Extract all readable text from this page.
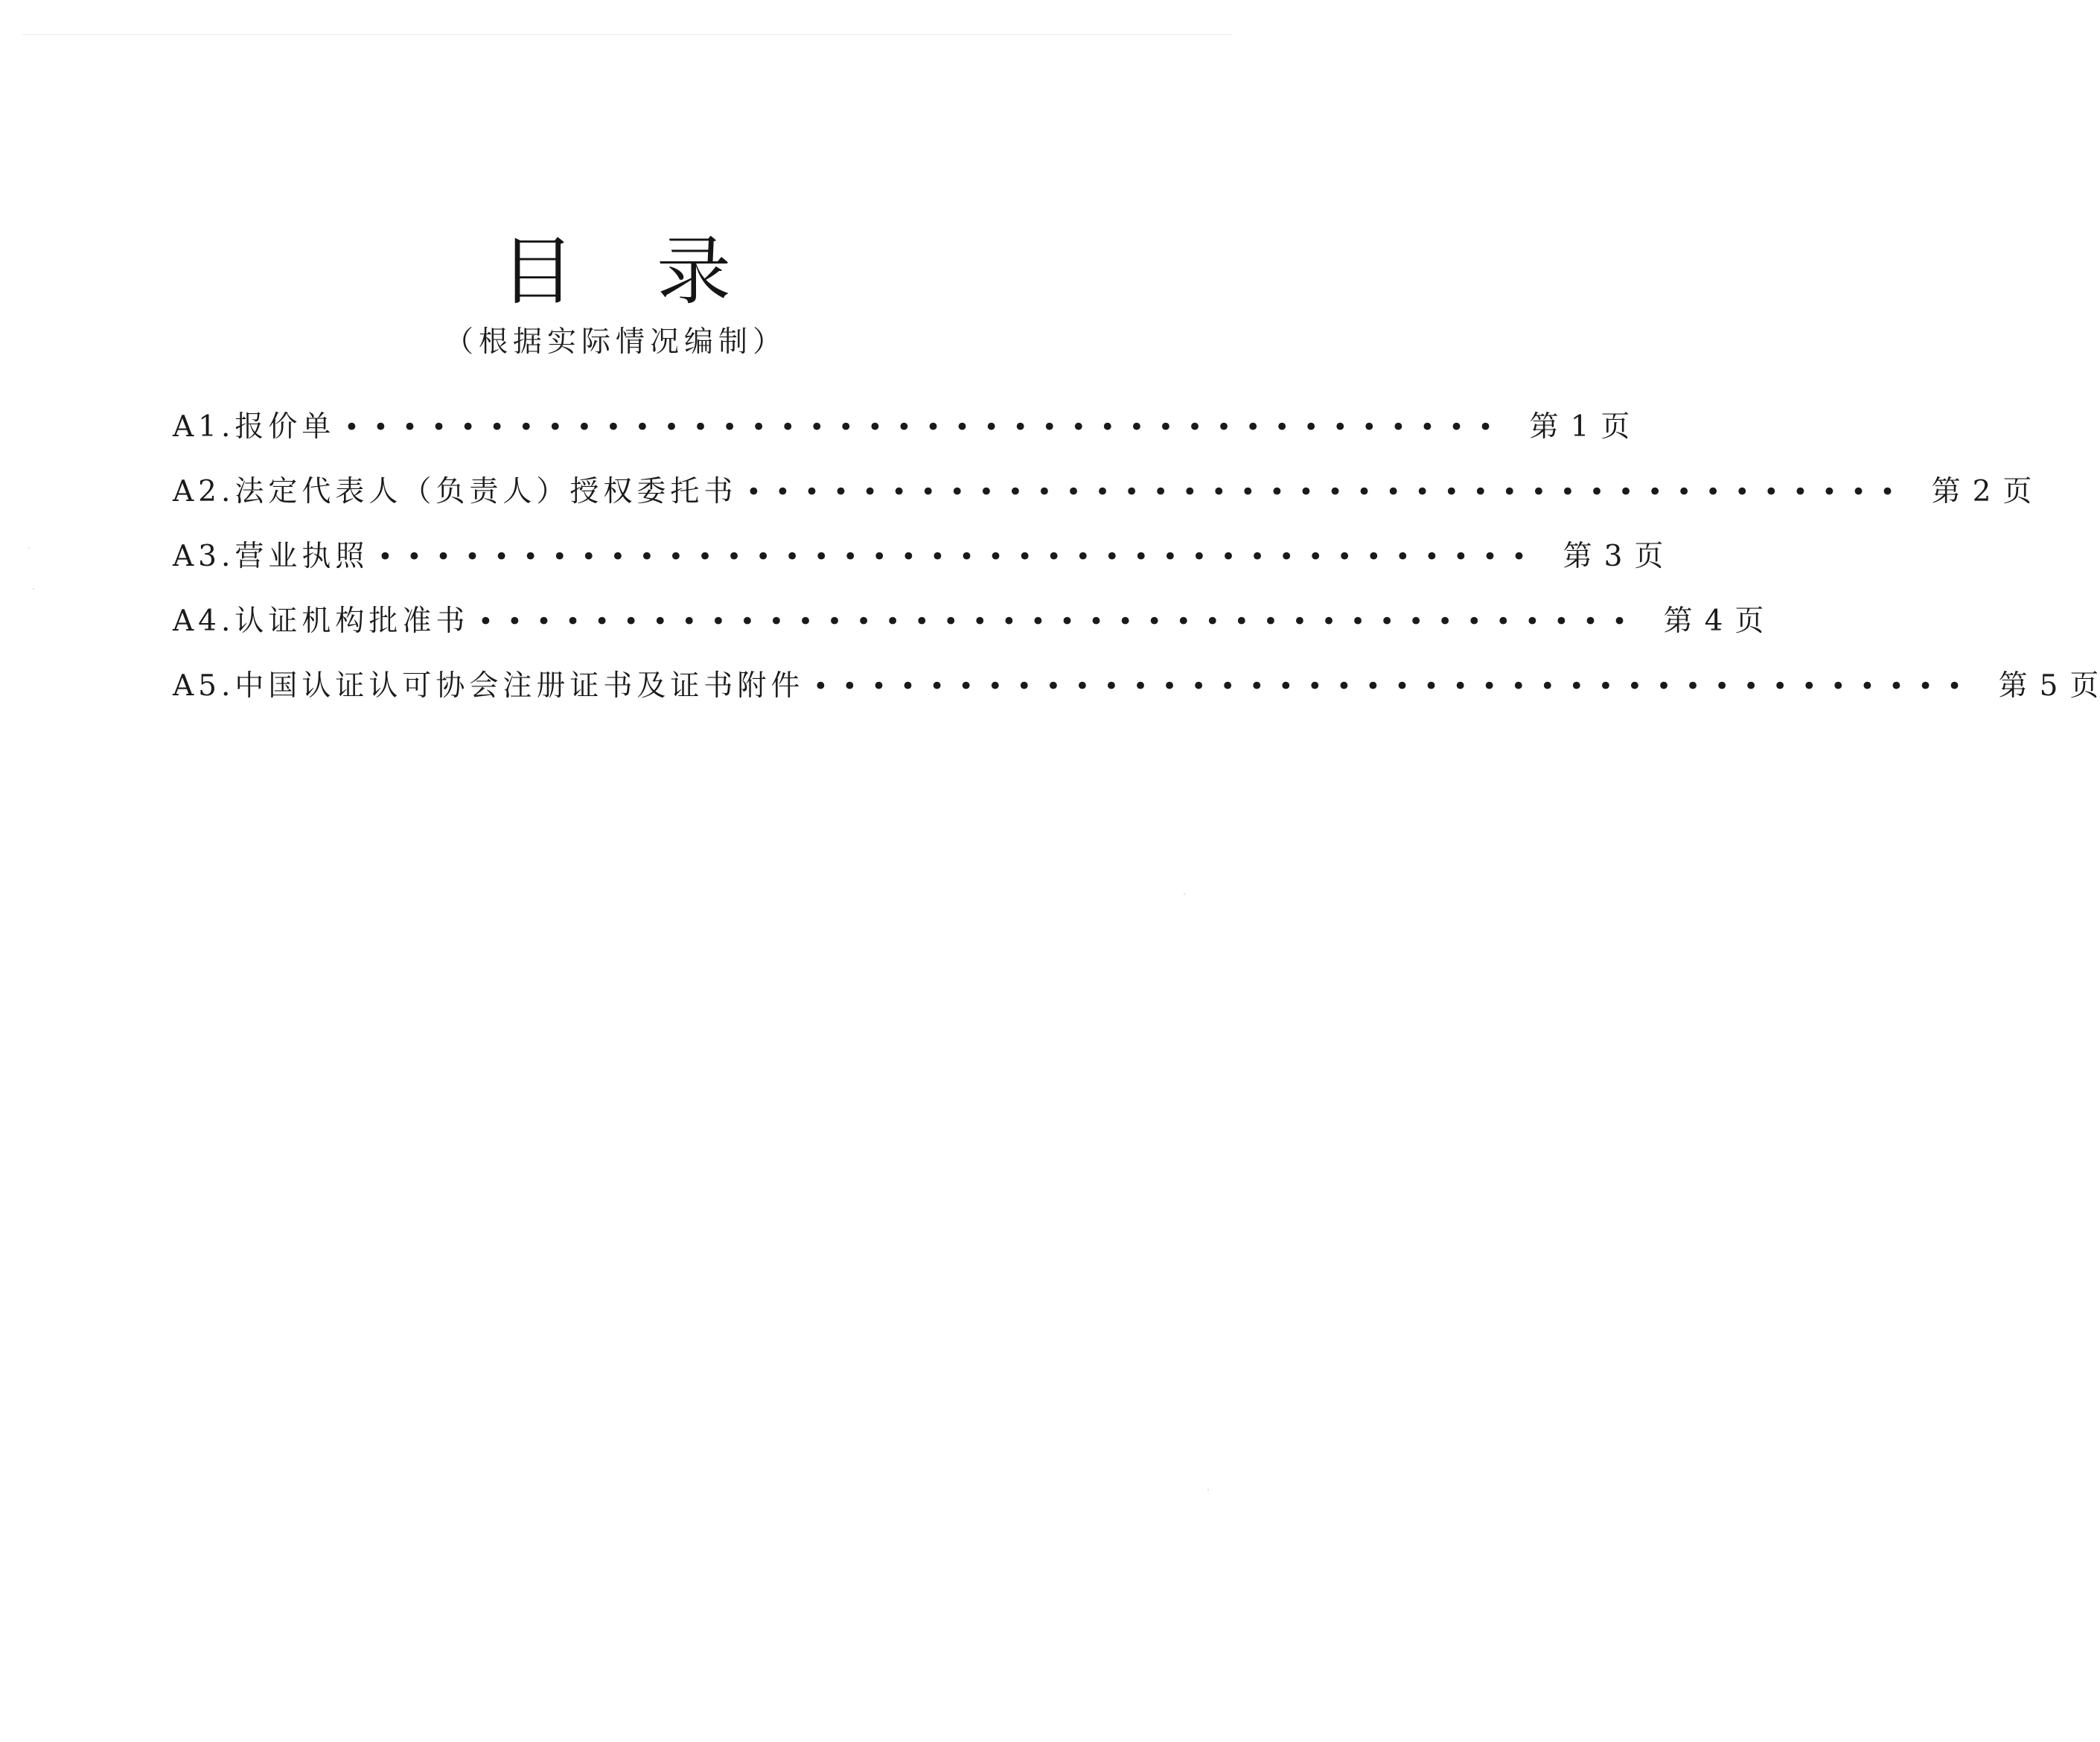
目 录
（根据实际情况编制）
A1.报价单 •••••••••••••••••••••••••••••••••••••••• 第 1 页
A2.法定代表人（负责人）授权委托书 •••••••••••••••••••••••••••••••••••••••• 第 2 页
A3.营业执照 •••••••••••••••••••••••••••••••••••••••• 第 3 页
A4.认证机构批准书 •••••••••••••••••••••••••••••••••••••••• 第 4 页
A5.中国认证认可协会注册证书及证书附件 •••••••••••••••••••••••••••••••••••••••• 第 5 页
